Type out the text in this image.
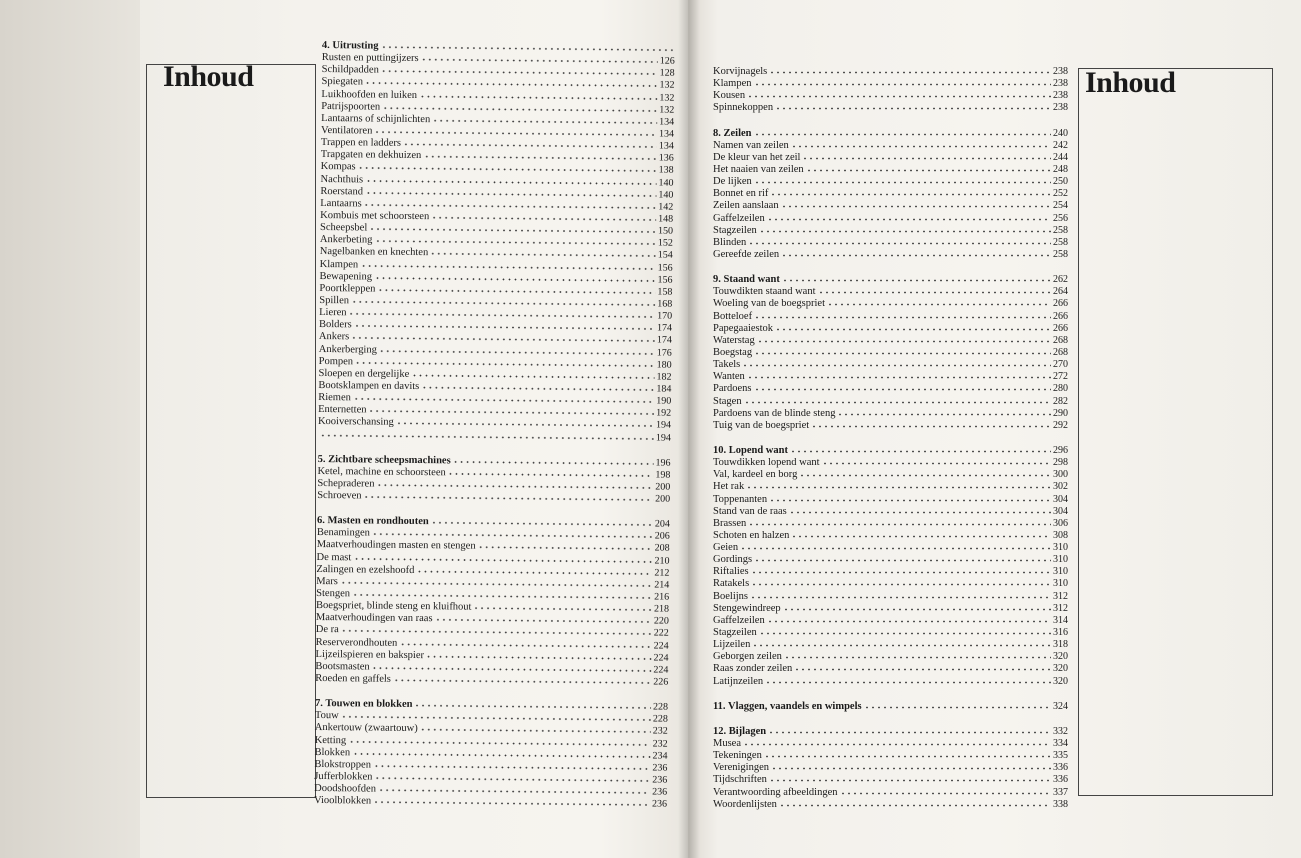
Inhoud	Inhoud
4. Uitrusting
Rusten en puttingijzers	126
Schildpadden	128
Spiegaten	132
Luikhoofden en luiken	132
Patrijspoorten	132
Lantaarns of schijnlichten	134
Ventilatoren	134
Trappen en ladders	134
Trapgaten en dekhuizen	136
Kompas	138
Nachthuis	140
Roerstand	140
Lantaarns	142
Kombuis met schoorsteen	148
Scheepsbel	150
Ankerbeting	152
Nagelbanken en knechten	154
Klampen	156
Bewapening	156
Poortkleppen	158
Spillen	168
Lieren	170
Bolders	174
Ankers	174
Ankerberging	176
Pompen	180
Sloepen en dergelijke	182
Bootsklampen en davits	184
Riemen	190
Enternetten	192
Kooiverschansing	194
194
5. Zichtbare scheepsmachines	196
Ketel, machine en schoorsteen	198
Schepraderen	200
Schroeven	200
6. Masten en rondhouten	204
Benamingen	206
Maatverhoudingen masten en stengen	208
De mast	210
Zalingen en ezelshoofd	212
Mars	214
Stengen	216
Boegspriet, blinde steng en kluifhout	218
Maatverhoudingen van raas	220
De ra	222
Reserverondhouten	224
Lijzeilspieren en bakspier	224
Bootsmasten	224
Roeden en gaffels	226
7. Touwen en blokken	228
Touw	228
Ankertouw (zwaartouw)	232
Ketting	232
Blokken	234
Blokstroppen	236
Jufferblokken	236
Doodshoofden	236
Vioolblokken	236
Korvijnagels	238
Klampen	238
Kousen	238
Spinnekoppen	238
8. Zeilen	240
Namen van zeilen	242
De kleur van het zeil	244
Het naaien van zeilen	248
De lijken	250
Bonnet en rif	252
Zeilen aanslaan	254
Gaffelzeilen	256
Stagzeilen	258
Blinden	258
Gereefde zeilen	258
9. Staand want	262
Touwdikten staand want	264
Woeling van de boegspriet	266
Botteloef	266
Papegaaiestok	266
Waterstag	268
Boegstag	268
Takels	270
Wanten	272
Pardoens	280
Stagen	282
Pardoens van de blinde steng	290
Tuig van de boegspriet	292
10. Lopend want	296
Touwdikken lopend want	298
Val, kardeel en borg	300
Het rak	302
Toppenanten	304
Stand van de raas	304
Brassen	306
Schoten en halzen	308
Geien	310
Gordings	310
Riftalies	310
Ratakels	310
Boelijns	312
Stengewindreep	312
Gaffelzeilen	314
Stagzeilen	316
Lijzeilen	318
Geborgen zeilen	320
Raas zonder zeilen	320
Latijnzeilen	320
11. Vlaggen, vaandels en wimpels	324
12. Bijlagen	332
Musea	334
Tekeningen	335
Verenigingen	336
Tijdschriften	336
Verantwoording afbeeldingen	337
Woordenlijsten	338
